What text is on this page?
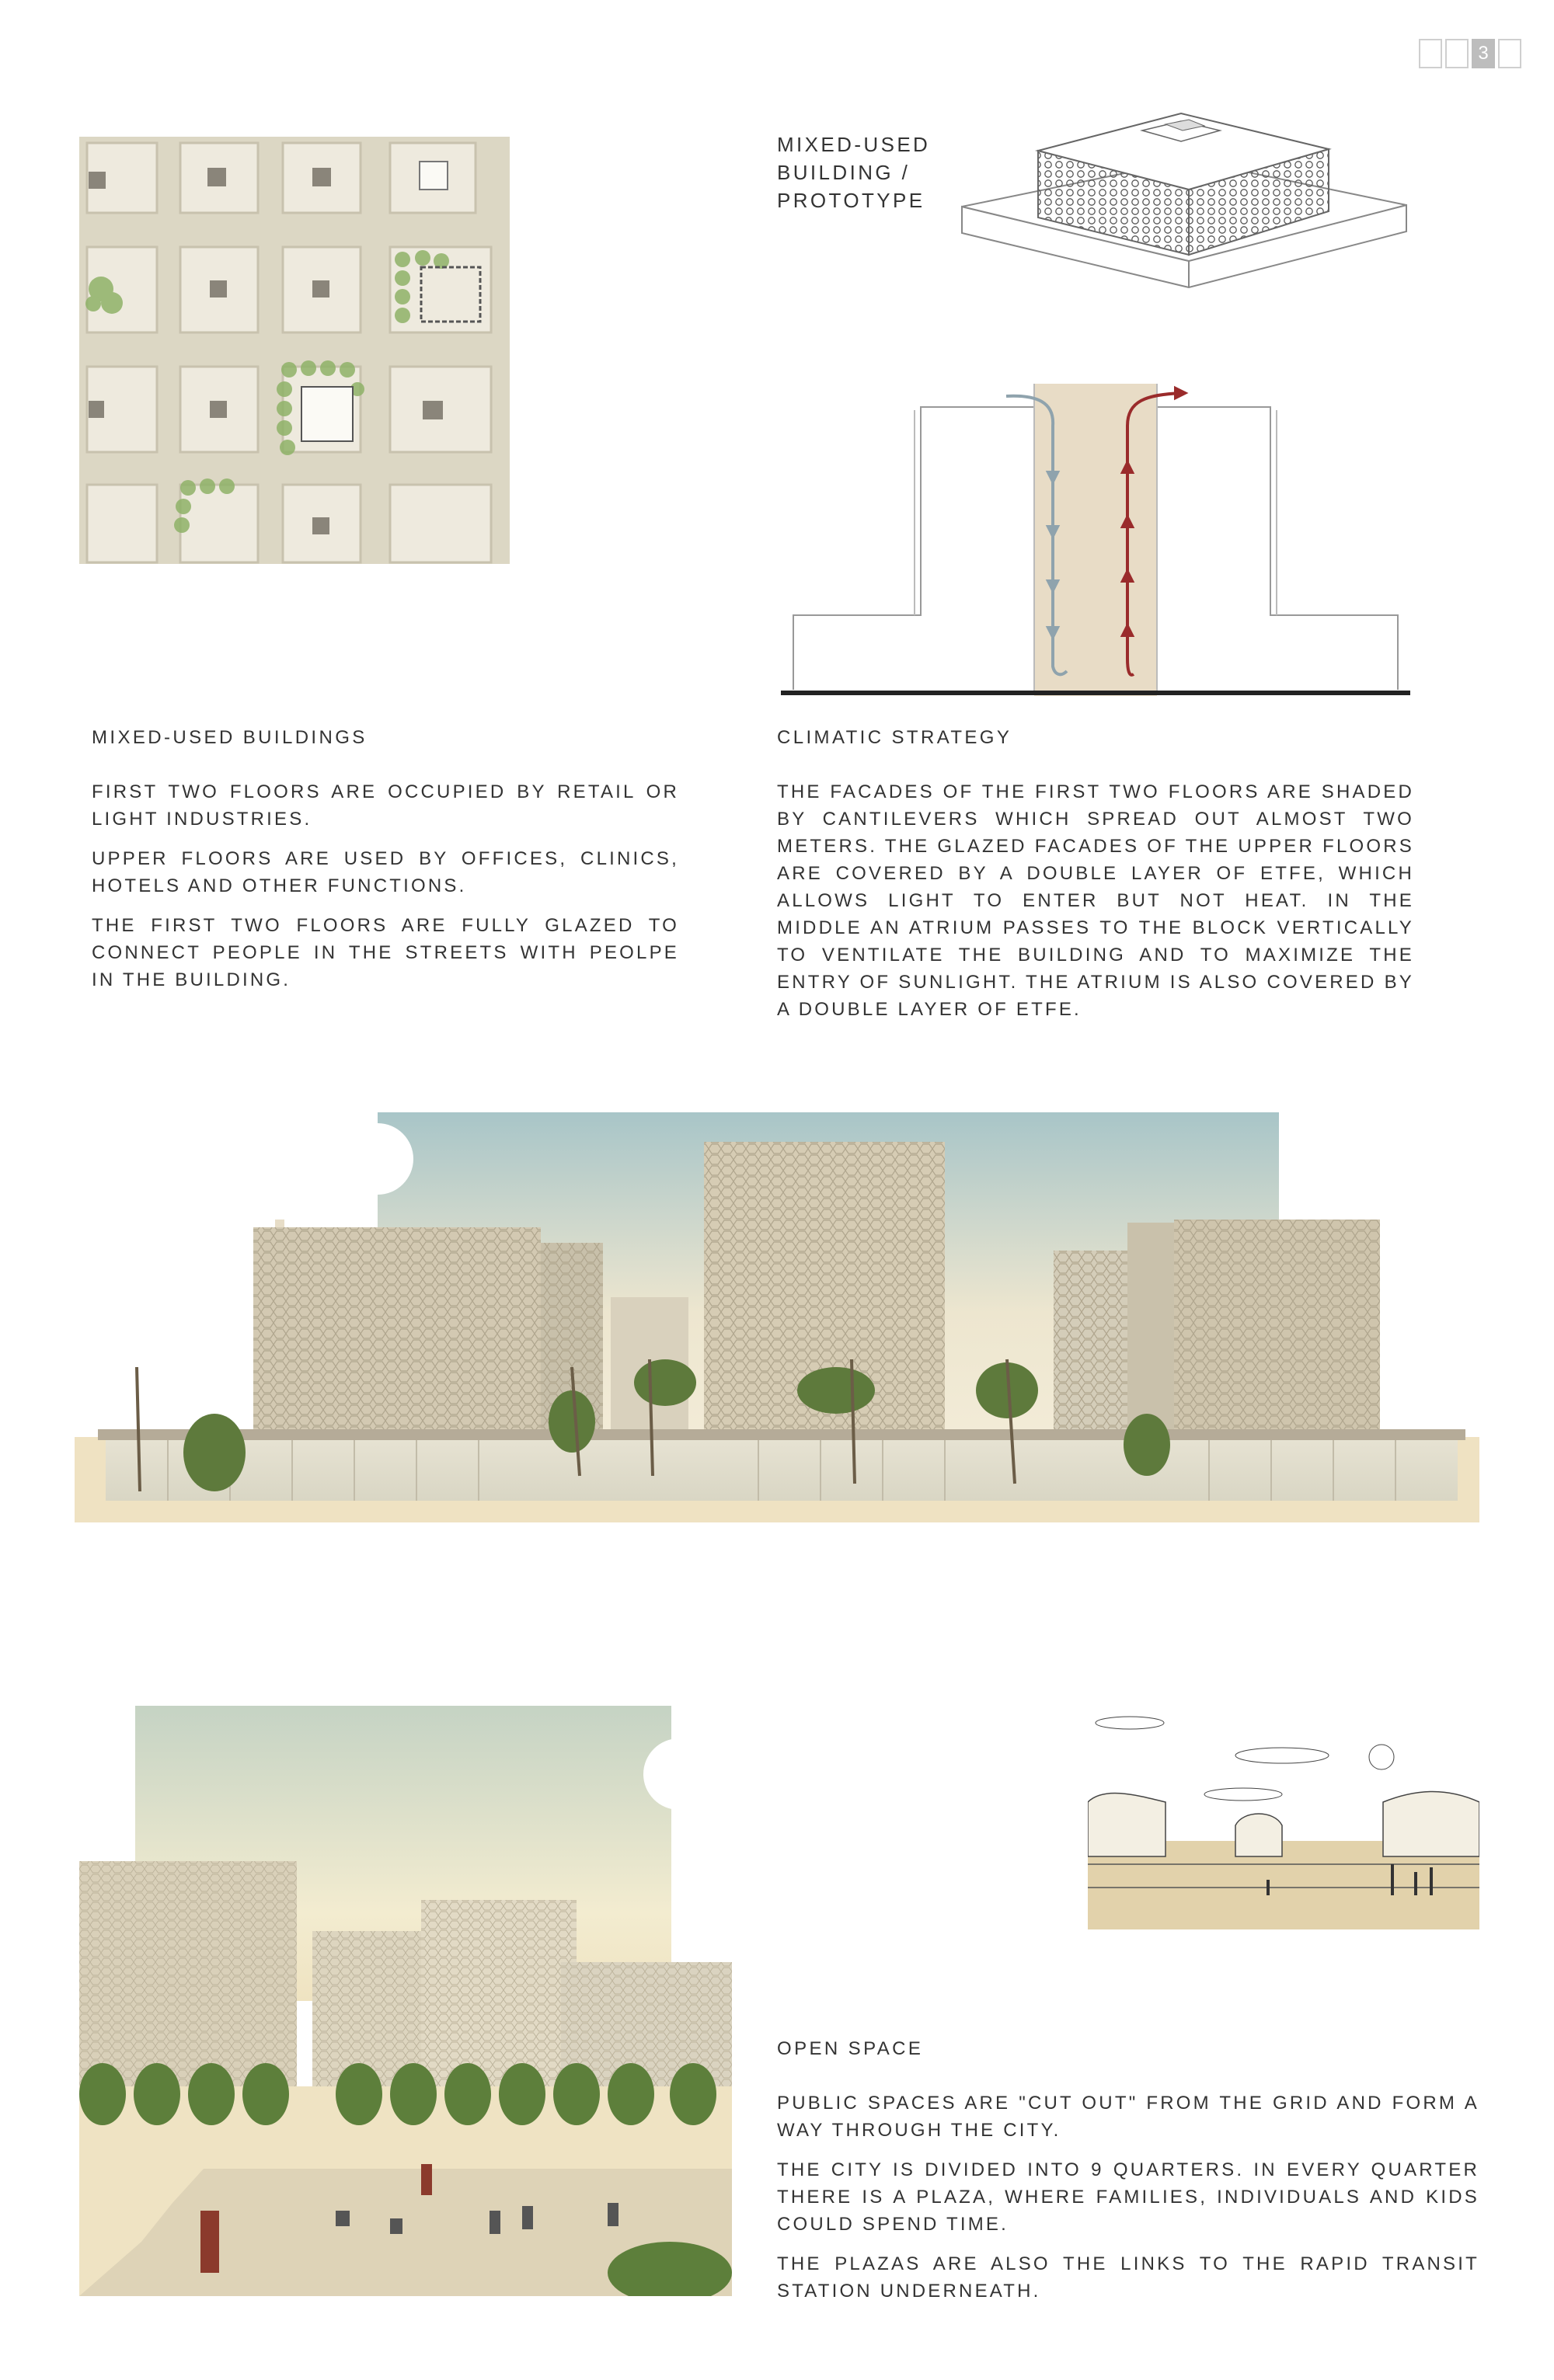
3
MIXED-USED
BUILDING /
PROTOTYPE
MIXED-USED BUILDINGS

FIRST TWO FLOORS ARE OCCUPIED BY RETAIL OR LIGHT INDUSTRIES.

UPPER FLOORS ARE USED BY OFFICES, CLINICS, HOTELS AND OTHER FUNCTIONS.

THE FIRST TWO FLOORS ARE FULLY GLAZED TO CONNECT PEOPLE IN THE STREETS WITH PEOLPE IN THE BUILDING.

CLIMATIC STRATEGY

THE FACADES OF THE FIRST TWO FLOORS ARE SHADED BY CANTILEVERS WHICH SPREAD OUT ALMOST TWO METERS. THE GLAZED FACADES OF THE UPPER FLOORS ARE COVERED BY A DOUBLE LAYER OF ETFE, WHICH ALLOWS LIGHT TO ENTER BUT NOT HEAT. IN THE MIDDLE AN ATRIUM PASSES TO THE BLOCK VERTICALLY TO VENTILATE THE BUILDING AND TO MAXIMIZE THE ENTRY OF SUNLIGHT. THE ATRIUM IS ALSO COVERED BY A DOUBLE LAYER OF ETFE.

OPEN SPACE

PUBLIC SPACES ARE "CUT OUT" FROM THE GRID AND FORM A WAY THROUGH THE CITY.

THE CITY IS DIVIDED INTO 9 QUARTERS. IN EVERY QUARTER THERE IS A PLAZA, WHERE FAMILIES, INDIVIDUALS AND KIDS COULD SPEND TIME.

THE PLAZAS ARE ALSO THE LINKS TO THE RAPID TRANSIT STATION UNDERNEATH.
